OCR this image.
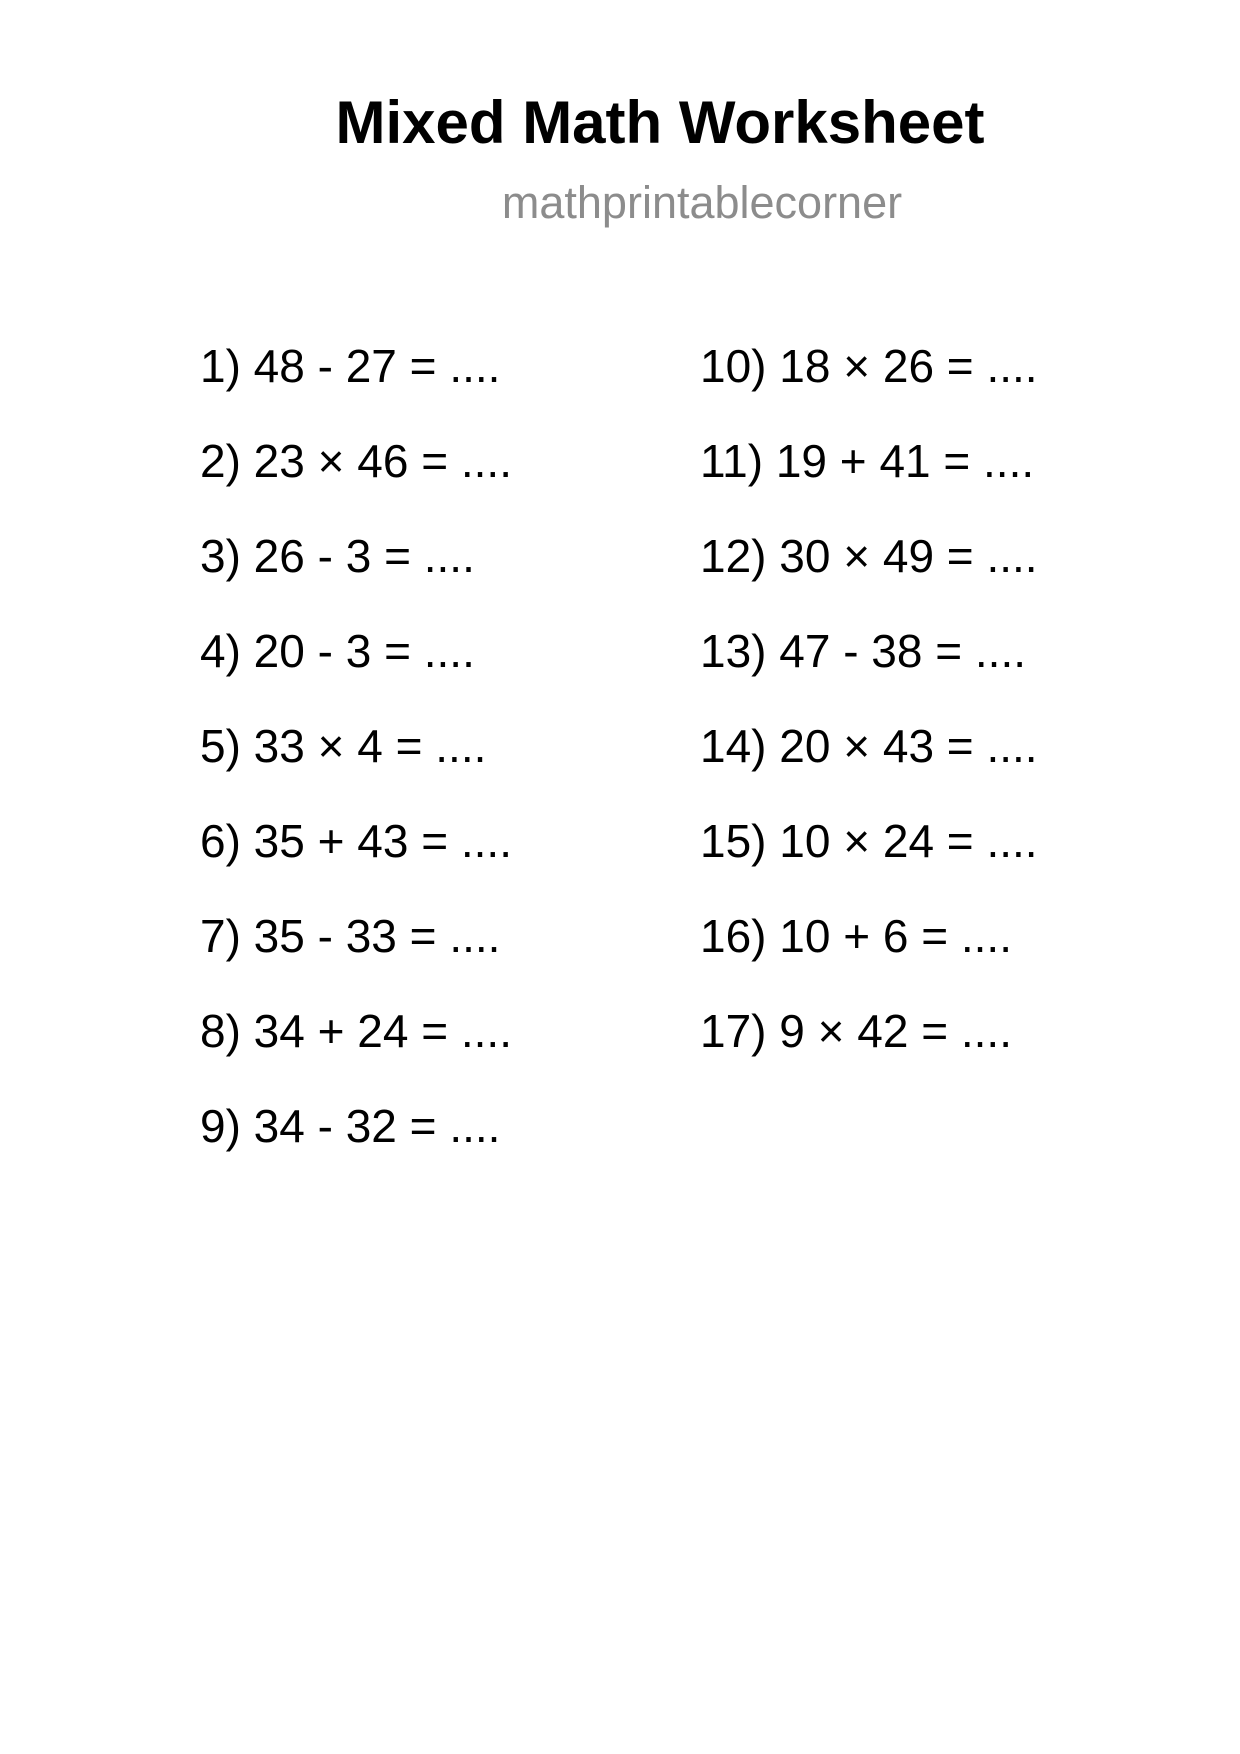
Mixed Math Worksheet
mathprintablecorner
1) 48 - 27 = ....
2) 23 × 46 = ....
3) 26 - 3 = ....
4) 20 - 3 = ....
5) 33 × 4 = ....
6) 35 + 43 = ....
7) 35 - 33 = ....
8) 34 + 24 = ....
9) 34 - 32 = ....
10) 18 × 26 = ....
11) 19 + 41 = ....
12) 30 × 49 = ....
13) 47 - 38 = ....
14) 20 × 43 = ....
15) 10 × 24 = ....
16) 10 + 6 = ....
17) 9 × 42 = ....
